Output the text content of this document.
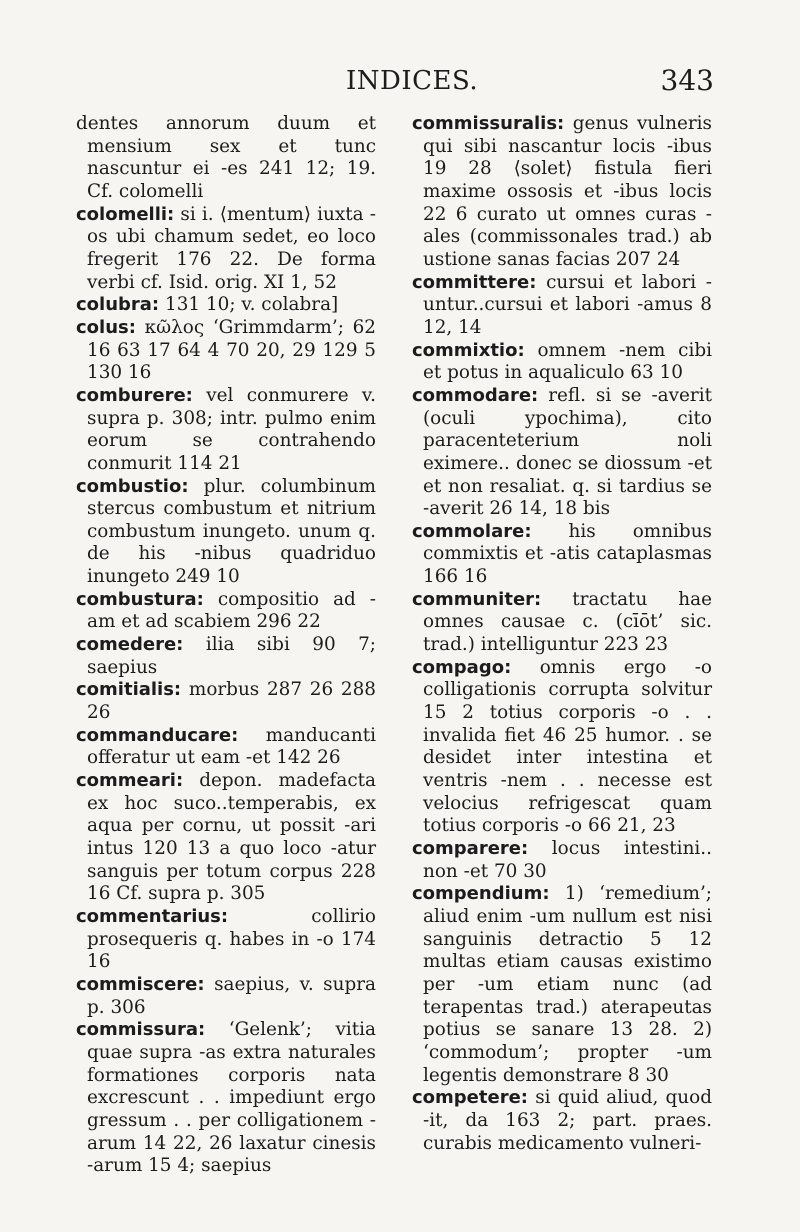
INDICES.	343

dentes annorum duum et mensium sex et tunc nascuntur ei -es 241 12; 19. Cf. colomelli

colomelli: si i. ⟨mentum⟩ iuxta -os ubi chamum sedet, eo loco fregerit 176 22. De forma verbi cf. Isid. orig. XI 1, 52

colubra: 131 10; v. colabra]

colus: κῶλος ‘Grimmdarm’; 62 16 63 17 64 4 70 20, 29 129 5 130 16

comburere: vel conmurere v. supra p. 308; intr. pulmo enim eorum se contrahendo conmurit 114 21

combustio: plur. columbinum stercus combustum et nitrium combustum inungeto. unum q. de his -nibus quadriduo inungeto 249 10

combustura: compositio ad -am et ad scabiem 296 22

comedere: ilia sibi 90 7; saepius

comitialis: morbus 287 26 288 26

commanducare: manducanti offeratur ut eam -et 142 26

commeari: depon. madefacta ex hoc suco..temperabis, ex aqua per cornu, ut possit -ari intus 120 13 a quo loco -atur sanguis per totum corpus 228 16 Cf. supra p. 305

commentarius:	collirio prosequeris q. habes in -o 174 16

commiscere: saepius, v. supra p. 306

commissura: ‘Gelenk’; vitia quae supra -as extra naturales formationes corporis nata excrescunt . . impediunt ergo gressum . . per colligationem -arum 14 22, 26 laxatur cinesis -arum 15 4; saepius

commissuralis: genus vulneris qui sibi nascantur locis -ibus 19 28 ⟨solet⟩ fistula fieri maxime ossosis et -ibus locis 22 6 curato ut omnes curas -ales (commissonales trad.) ab ustione sanas facias 207 24

committere: cursui et labori -untur..cursui et labori -amus 8 12, 14

commixtio: omnem -nem cibi et potus in aqualiculo 63 10

commodare: refl. si se -averit (oculi ypochima), cito paracenteterium noli eximere.. donec se diossum -et et non resaliat. q. si tardius se -averit 26 14, 18 bis

commolare: his omnibus commixtis et -atis cataplasmas 166 16

communiter: tractatu hae omnes causae c. (cīōt’ sic. trad.) intelliguntur 223 23

compago: omnis ergo -o colligationis corrupta solvitur 15 2 totius corporis -o . . invalida fiet 46 25 humor. . se desidet inter intestina et ventris -nem . . necesse est velocius refrigescat quam totius corporis -o 66 21, 23

comparere: locus intestini.. non -et 70 30

compendium: 1) ‘remedium’; aliud enim -um nullum est nisi sanguinis detractio 5 12 multas etiam causas existimo per -um etiam nunc (ad terapentas trad.) aterapeutas potius se sanare 13 28. 2) ‘commodum’; propter -um legentis demonstrare 8 30

competere: si quid aliud, quod -it, da 163 2; part. praes. curabis medicamento vulneri-
